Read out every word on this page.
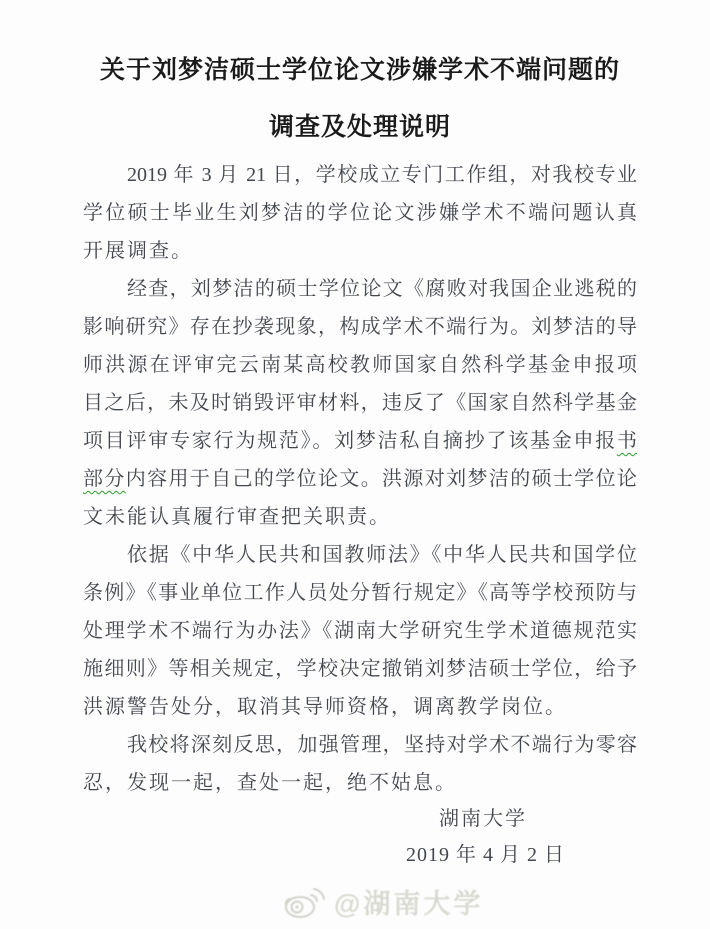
关于刘梦洁硕士学位论文涉嫌学术不端问题的
调查及处理说明
2019 年 3 月 21 日，学校成立专门工作组，对我校专业
学位硕士毕业生刘梦洁的学位论文涉嫌学术不端问题认真
开展调查。
经查，刘梦洁的硕士学位论文《腐败对我国企业逃税的
影响研究》存在抄袭现象，构成学术不端行为。刘梦洁的导
师洪源在评审完云南某高校教师国家自然科学基金申报项
目之后，未及时销毁评审材料，违反了《国家自然科学基金
项目评审专家行为规范》。刘梦洁私自摘抄了该基金申报书
部分内容用于自己的学位论文。洪源对刘梦洁的硕士学位论
文未能认真履行审查把关职责。
依据《中华人民共和国教师法》《中华人民共和国学位
条例》《事业单位工作人员处分暂行规定》《高等学校预防与
处理学术不端行为办法》《湖南大学研究生学术道德规范实
施细则》等相关规定，学校决定撤销刘梦洁硕士学位，给予
洪源警告处分，取消其导师资格，调离教学岗位。
我校将深刻反思，加强管理，坚持对学术不端行为零容
忍，发现一起，查处一起，绝不姑息。
湖南大学
2019 年 4 月 2 日
@湖南大学
